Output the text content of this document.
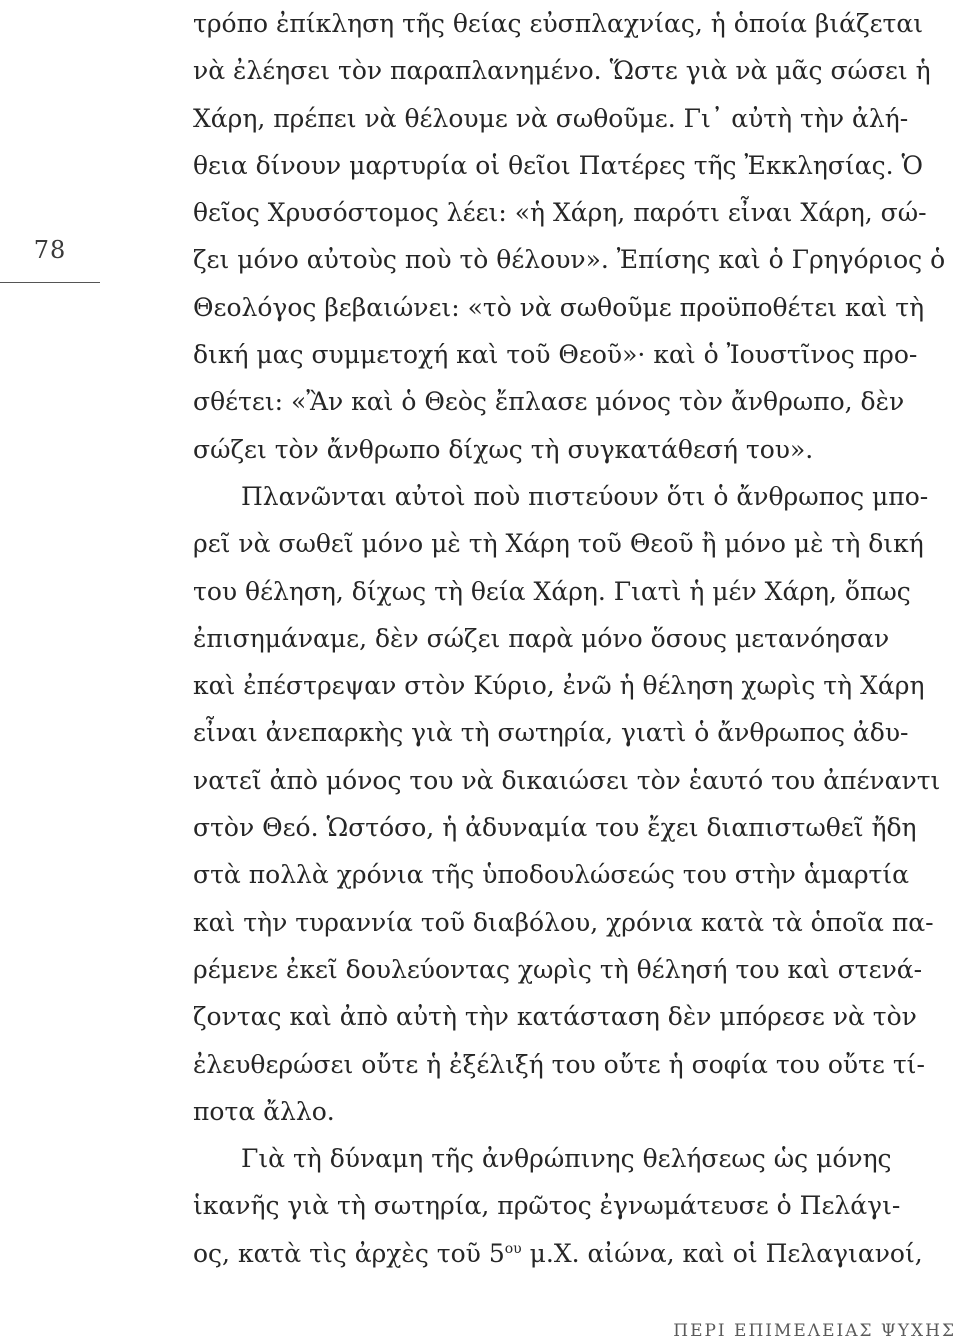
78
τρόπο ἐπίκληση τῆς θείας εὐσπλαχνίας, ἡ ὁποία βιάζεται
νὰ ἐλέησει τὸν παραπλανημένο. Ὥστε γιὰ νὰ μᾶς σώσει ἡ
Χάρη, πρέπει νὰ θέλουμε νὰ σωθοῦμε. Γι᾽ αὐτὴ τὴν ἀλή-
θεια δίνουν μαρτυρία οἱ θεῖοι Πατέρες τῆς Ἐκκλησίας. Ὁ
θεῖος Χρυσόστομος λέει: «ἡ Χάρη, παρότι εἶναι Χάρη, σώ-
ζει μόνο αὐτοὺς ποὺ τὸ θέλουν». Ἐπίσης καὶ ὁ Γρηγόριος ὁ
Θεολόγος βεβαιώνει: «τὸ νὰ σωθοῦμε προϋποθέτει καὶ τὴ
δική μας συμμετοχή καὶ τοῦ Θεοῦ»· καὶ ὁ Ἰουστῖνος προ-
σθέτει: «Ἂν καὶ ὁ Θεὸς ἔπλασε μόνος τὸν ἄνθρωπο, δὲν
σώζει τὸν ἄνθρωπο δίχως τὴ συγκατάθεσή του».
Πλανῶνται αὐτοὶ ποὺ πιστεύουν ὅτι ὁ ἄνθρωπος μπο-
ρεῖ νὰ σωθεῖ μόνο μὲ τὴ Χάρη τοῦ Θεοῦ ἢ μόνο μὲ τὴ δική
του θέληση, δίχως τὴ θεία Χάρη. Γιατὶ ἡ μέν Χάρη, ὅπως
ἐπισημάναμε, δὲν σώζει παρὰ μόνο ὅσους μετανόησαν
καὶ ἐπέστρεψαν στὸν Κύριο, ἐνῶ ἡ θέληση χωρὶς τὴ Χάρη
εἶναι ἀνεπαρκὴς γιὰ τὴ σωτηρία, γιατὶ ὁ ἄνθρωπος ἀδυ-
νατεῖ ἀπὸ μόνος του νὰ δικαιώσει τὸν ἑαυτό του ἀπέναντι
στὸν Θεό. Ὡστόσο, ἡ ἀδυναμία του ἔχει διαπιστωθεῖ ἤδη
στὰ πολλὰ χρόνια τῆς ὑποδουλώσεώς του στὴν ἁμαρτία
καὶ τὴν τυραννία τοῦ διαβόλου, χρόνια κατὰ τὰ ὁποῖα πα-
ρέμενε ἐκεῖ δουλεύοντας χωρὶς τὴ θέλησή του καὶ στενά-
ζοντας καὶ ἀπὸ αὐτὴ τὴν κατάσταση δὲν μπόρεσε νὰ τὸν
ἐλευθερώσει οὔτε ἡ ἐξέλιξή του οὔτε ἡ σοφία του οὔτε τί-
ποτα ἄλλο.
Γιὰ τὴ δύναμη τῆς ἀνθρώπινης θελήσεως ὡς μόνης
ἱκανῆς γιὰ τὴ σωτηρία, πρῶτος ἐγνωμάτευσε ὁ Πελάγι-
ος, κατὰ τὶς ἀρχὲς τοῦ $5^{o\upsilon}$ μ.Χ. αἰώνα, καὶ οἱ Πελαγιανοί,
ΠΕΡΙ ΕΠΙΜΕΛΕΙΑΣ ΨΥΧΗΣ
